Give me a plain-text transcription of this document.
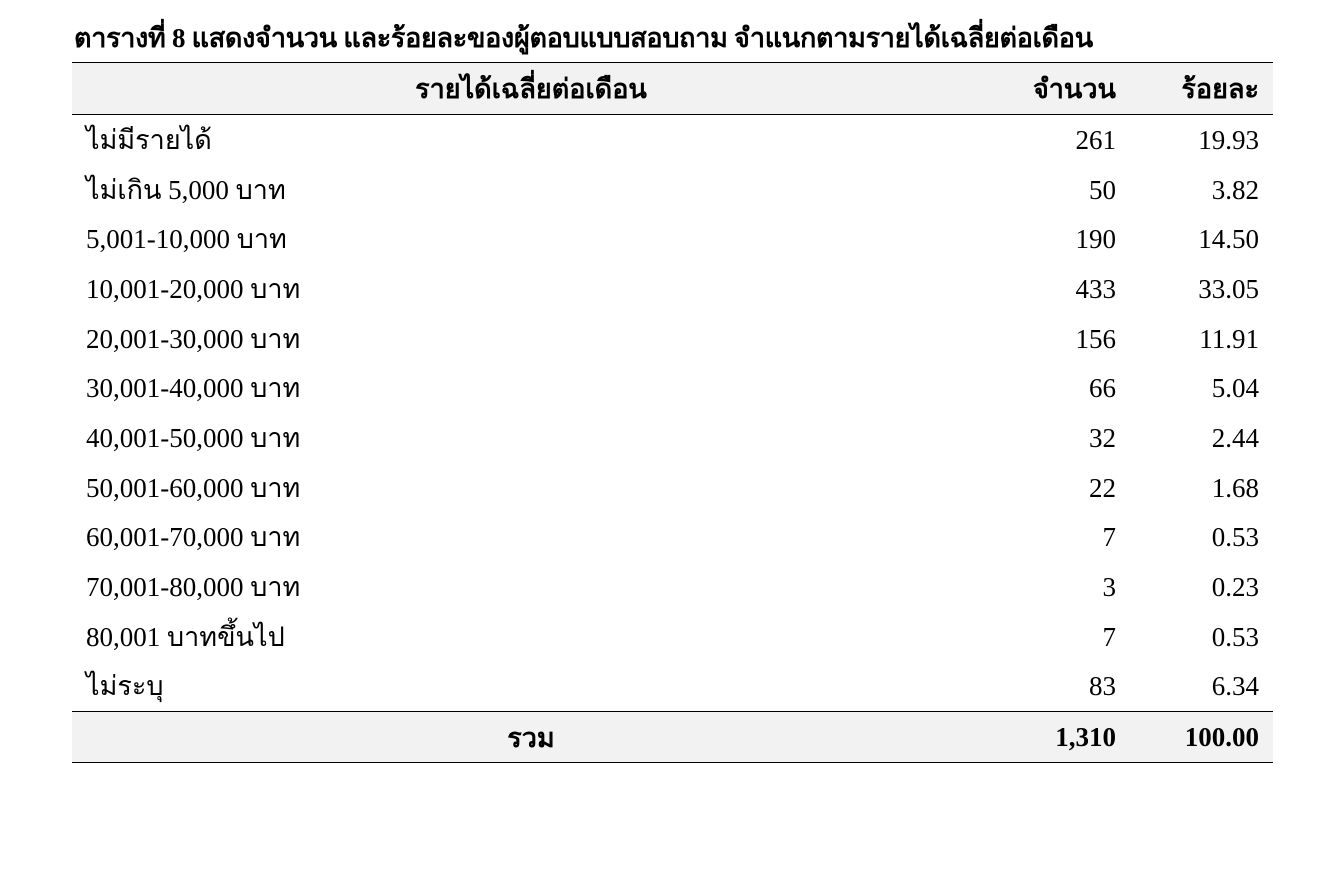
ตารางที่ 8 แสดงจำนวน และร้อยละของผู้ตอบแบบสอบถาม จำแนกตามรายได้เฉลี่ยต่อเดือน
รายได้เฉลี่ยต่อเดือน	จำนวน	ร้อยละ
ไม่มีรายได้	261	19.93
ไม่เกิน 5,000 บาท	50	3.82
5,001-10,000 บาท	190	14.50
10,001-20,000 บาท	433	33.05
20,001-30,000 บาท	156	11.91
30,001-40,000 บาท	66	5.04
40,001-50,000 บาท	32	2.44
50,001-60,000 บาท	22	1.68
60,001-70,000 บาท	7	0.53
70,001-80,000 บาท	3	0.23
80,001 บาทขึ้นไป	7	0.53
ไม่ระบุ	83	6.34
รวม	1,310	100.00
